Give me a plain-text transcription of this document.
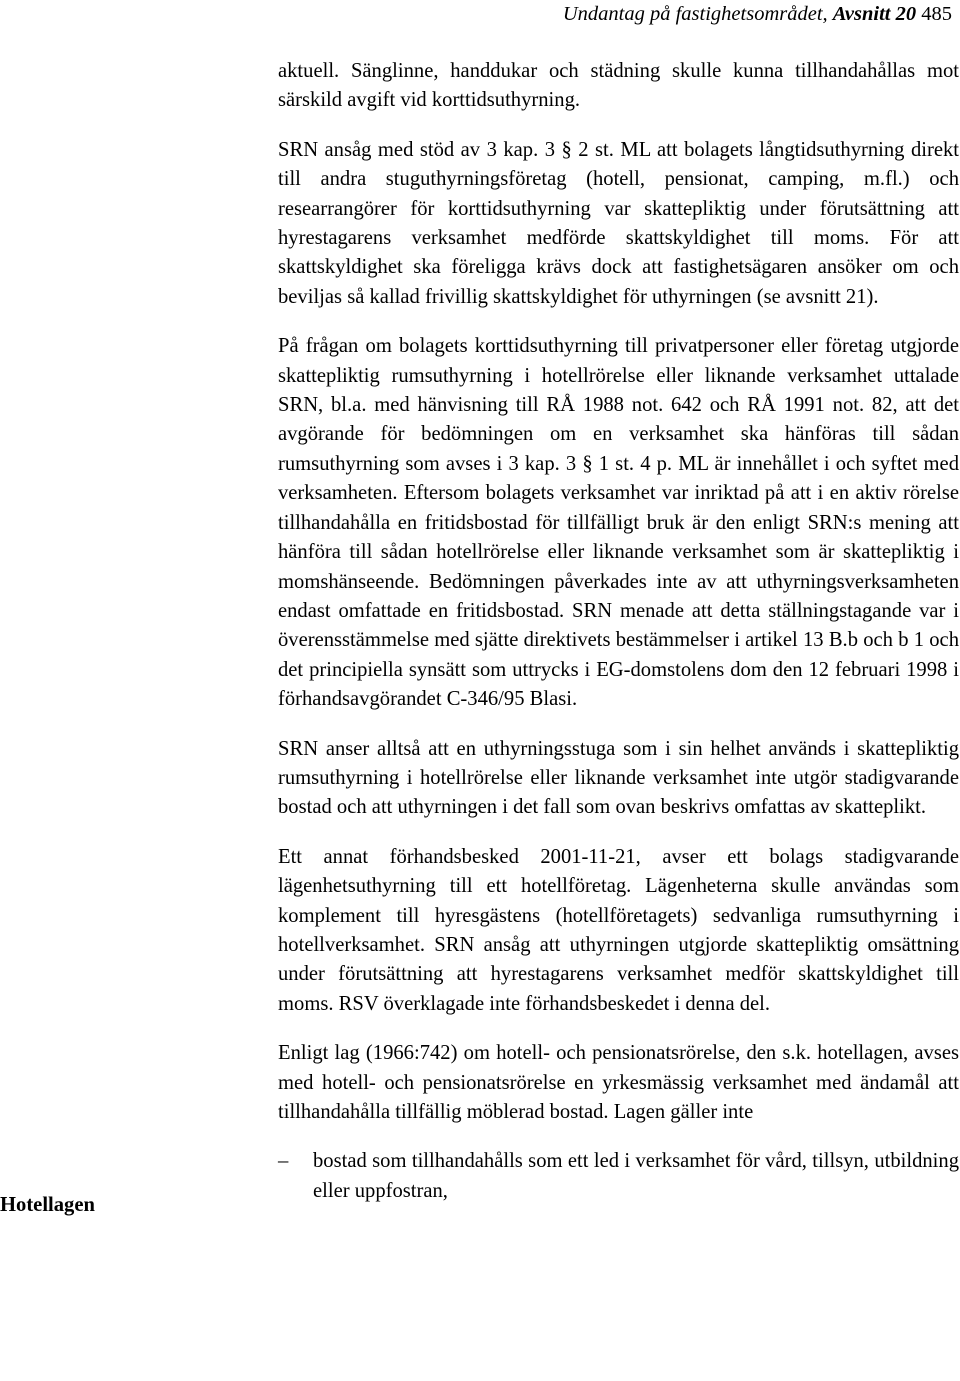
Undantag på fastighetsområdet, Avsnitt 20 485

aktuell. Sänglinne, handdukar och städning skulle kunna tillhandahållas mot särskild avgift vid korttidsuthyrning.

SRN ansåg med stöd av 3 kap. 3 § 2 st. ML att bolagets långtidsuthyrning direkt till andra stuguthyrningsföretag (hotell, pensionat, camping, m.fl.) och researrangörer för korttidsuthyrning var skattepliktig under förutsättning att hyrestagarens verksamhet medförde skattskyldighet till moms. För att skattskyldighet ska föreligga krävs dock att fastighetsägaren ansöker om och beviljas så kallad frivillig skattskyldighet för uthyrningen (se avsnitt 21).

På frågan om bolagets korttidsuthyrning till privatpersoner eller företag utgjorde skattepliktig rumsuthyrning i hotellrörelse eller liknande verksamhet uttalade SRN, bl.a. med hänvisning till RÅ 1988 not. 642 och RÅ 1991 not. 82, att det avgörande för bedömningen om en verksamhet ska hänföras till sådan rumsuthyrning som avses i 3 kap. 3 § 1 st. 4 p. ML är innehållet i och syftet med verksamheten. Eftersom bolagets verksamhet var inriktad på att i en aktiv rörelse tillhandahålla en fritidsbostad för tillfälligt bruk är den enligt SRN:s mening att hänföra till sådan hotellrörelse eller liknande verksamhet som är skattepliktig i momshänseende. Bedömningen påverkades inte av att uthyrningsverksamheten endast omfattade en fritidsbostad. SRN menade att detta ställningstagande var i överensstämmelse med sjätte direktivets bestämmelser i artikel 13 B.b och b 1 och det principiella synsätt som uttrycks i EG-domstolens dom den 12 februari 1998 i förhandsavgörandet C-346/95 Blasi.

SRN anser alltså att en uthyrningsstuga som i sin helhet används i skattepliktig rumsuthyrning i hotellrörelse eller liknande verksamhet inte utgör stadigvarande bostad och att uthyrningen i det fall som ovan beskrivs omfattas av skatteplikt.

Ett annat förhandsbesked 2001-11-21, avser ett bolags stadigvarande lägenhetsuthyrning till ett hotellföretag. Lägenheterna skulle användas som komplement till hyresgästens (hotellföretagets) sedvanliga rumsuthyrning i hotellverksamhet. SRN ansåg att uthyrningen utgjorde skattepliktig omsättning under förutsättning att hyrestagarens verksamhet medför skattskyldighet till moms. RSV överklagade inte förhandsbeskedet i denna del.

Enligt lag (1966:742) om hotell- och pensionatsrörelse, den s.k. hotellagen, avses med hotell- och pensionatsrörelse en yrkesmässig verksamhet med ändamål att tillhandahålla tillfällig möblerad bostad. Lagen gäller inte

– bostad som tillhandahålls som ett led i verksamhet för vård, tillsyn, utbildning eller uppfostran,
Hotellagen
